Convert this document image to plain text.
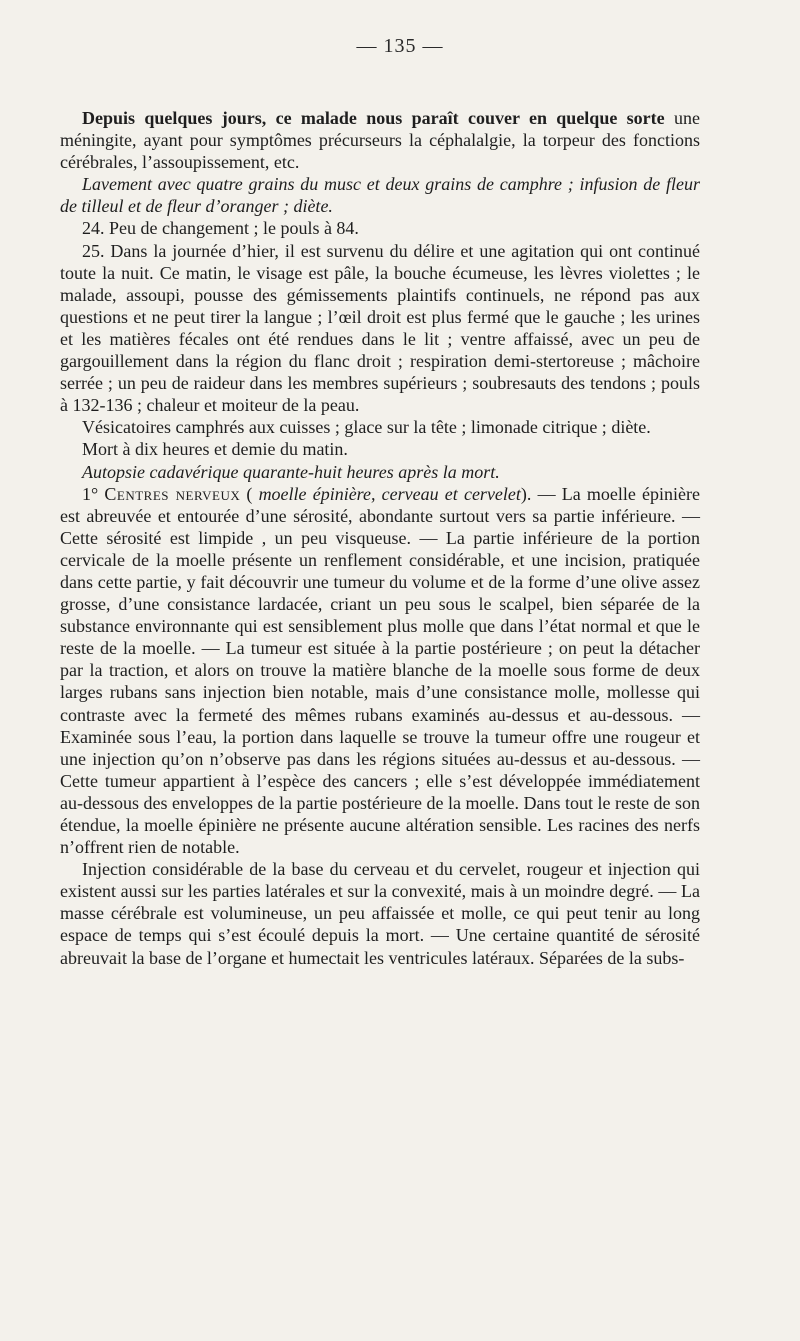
— 135 —

Depuis quelques jours, ce malade nous paraît couver en quelque sorte une méningite, ayant pour symptômes précurseurs la céphalalgie, la torpeur des fonctions cérébrales, l’assoupissement, etc.

Lavement avec quatre grains du musc et deux grains de camphre ; infusion de fleur de tilleul et de fleur d’oranger ; diète.

24. Peu de changement ; le pouls à 84.

25. Dans la journée d’hier, il est survenu du délire et une agitation qui ont continué toute la nuit. Ce matin, le visage est pâle, la bouche écumeuse, les lèvres violettes ; le malade, assoupi, pousse des gémissements plaintifs continuels, ne répond pas aux questions et ne peut tirer la langue ; l’œil droit est plus fermé que le gauche ; les urines et les matières fécales ont été rendues dans le lit ; ventre affaissé, avec un peu de gargouillement dans la région du flanc droit ; respiration demi-stertoreuse ; mâchoire serrée ; un peu de raideur dans les membres supérieurs ; soubresauts des tendons ; pouls à 132-136 ; chaleur et moiteur de la peau.

Vésicatoires camphrés aux cuisses ; glace sur la tête ; limonade citrique ; diète.

Mort à dix heures et demie du matin.

Autopsie cadavérique quarante-huit heures après la mort.

1° Centres nerveux ( moelle épinière, cerveau et cervelet). — La moelle épinière est abreuvée et entourée d’une sérosité, abondante surtout vers sa partie inférieure. — Cette sérosité est limpide , un peu visqueuse. — La partie inférieure de la portion cervicale de la moelle présente un renflement considérable, et une incision, pratiquée dans cette partie, y fait découvrir une tumeur du volume et de la forme d’une olive assez grosse, d’une consistance lardacée, criant un peu sous le scalpel, bien séparée de la substance environnante qui est sensiblement plus molle que dans l’état normal et que le reste de la moelle. — La tumeur est située à la partie postérieure ; on peut la détacher par la traction, et alors on trouve la matière blanche de la moelle sous forme de deux larges rubans sans injection bien notable, mais d’une consistance molle, mollesse qui contraste avec la fermeté des mêmes rubans examinés au-dessus et au-dessous. — Examinée sous l’eau, la portion dans laquelle se trouve la tumeur offre une rougeur et une injection qu’on n’observe pas dans les régions situées au-dessus et au-dessous. — Cette tumeur appartient à l’espèce des cancers ; elle s’est développée immédiatement au-dessous des enveloppes de la partie postérieure de la moelle. Dans tout le reste de son étendue, la moelle épinière ne présente aucune altération sensible. Les racines des nerfs n’offrent rien de notable.

Injection considérable de la base du cerveau et du cervelet, rougeur et injection qui existent aussi sur les parties latérales et sur la convexité, mais à un moindre degré. — La masse cérébrale est volumineuse, un peu affaissée et molle, ce qui peut tenir au long espace de temps qui s’est écoulé depuis la mort. — Une certaine quantité de sérosité abreuvait la base de l’organe et humectait les ventricules latéraux. Séparées de la subs-
